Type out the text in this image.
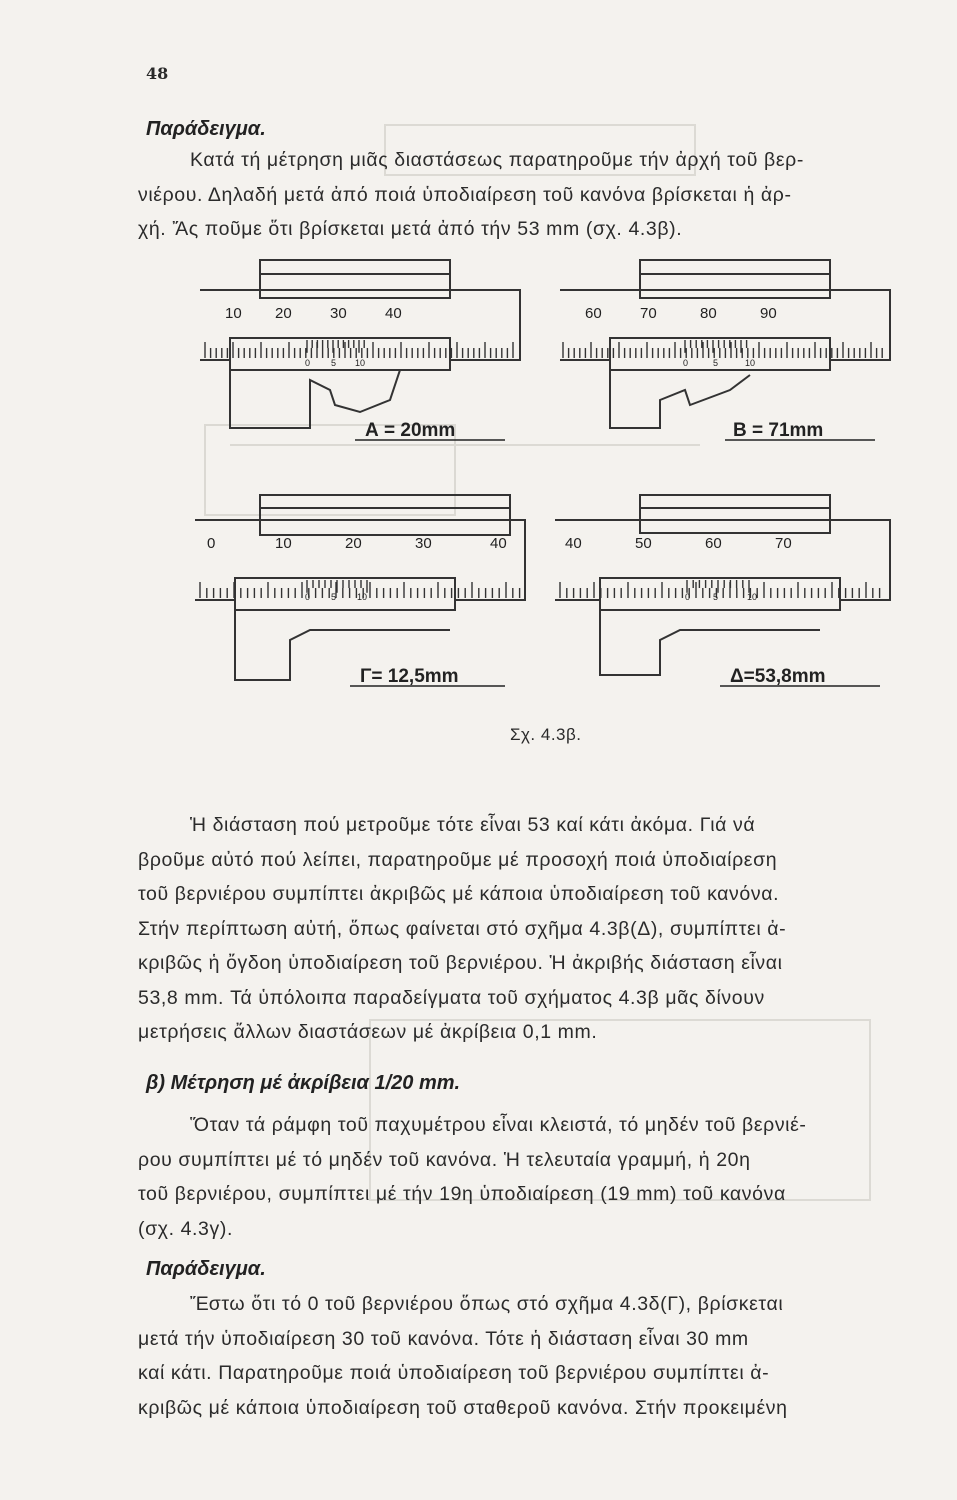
48

Παράδειγμα.

Κατά τή μέτρηση μιᾶς διαστάσεως παρατηροῦμε τήν ἀρχή τοῦ βερ-
νιέρου. Δηλαδή μετά ἀπό ποιά ὑποδιαίρεση τοῦ κανόνα βρίσκεται ἡ ἀρ-
χή. Ἄς ποῦμε ὅτι βρίσκεται μετά ἀπό τήν 53 mm (σχ. 4.3β).
10 20	30	40	60	70	80	90
0	10	20	30	40	40	50	60	70
0 5 10	0	5	10
0 5 10	0	5	10
Α = 20mm	Β = 71mm
Γ= 12,5mm	Δ=53,8mm

Σχ. 4.3β.

Ἡ διάσταση πού μετροῦμε τότε εἶναι 53 καί κάτι ἀκόμα. Γιά νά
βροῦμε αὐτό πού λείπει, παρατηροῦμε μέ προσοχή ποιά ὑποδιαίρεση
τοῦ βερνιέρου συμπίπτει ἀκριβῶς μέ κάποια ὑποδιαίρεση τοῦ κανόνα.
Στήν περίπτωση αὐτή, ὅπως φαίνεται στό σχῆμα 4.3β(Δ), συμπίπτει ἀ-
κριβῶς ἡ ὄγδοη ὑποδιαίρεση τοῦ βερνιέρου. Ἡ ἀκριβής διάσταση εἶναι
53,8 mm. Τά ὑπόλοιπα παραδείγματα τοῦ σχήματος 4.3β μᾶς δίνουν
μετρήσεις ἄλλων διαστάσεων μέ ἀκρίβεια 0,1 mm.

β) Μέτρηση μέ ἀκρίβεια 1/20 mm.

Ὅταν τά ράμφη τοῦ παχυμέτρου εἶναι κλειστά, τό μηδέν τοῦ βερνιέ-
ρου συμπίπτει μέ τό μηδέν τοῦ κανόνα. Ἡ τελευταία γραμμή, ἡ 20η
τοῦ βερνιέρου, συμπίπτει μέ τήν 19η ὑποδιαίρεση (19 mm) τοῦ κανόνα
(σχ. 4.3γ).

Παράδειγμα.

Ἔστω ὅτι τό 0 τοῦ βερνιέρου ὅπως στό σχῆμα 4.3δ(Γ), βρίσκεται
μετά τήν ὑποδιαίρεση 30 τοῦ κανόνα. Τότε ἡ διάσταση εἶναι 30 mm
καί κάτι. Παρατηροῦμε ποιά ὑποδιαίρεση τοῦ βερνιέρου συμπίπτει ἀ-
κριβῶς μέ κάποια ὑποδιαίρεση τοῦ σταθεροῦ κανόνα. Στήν προκειμένη
